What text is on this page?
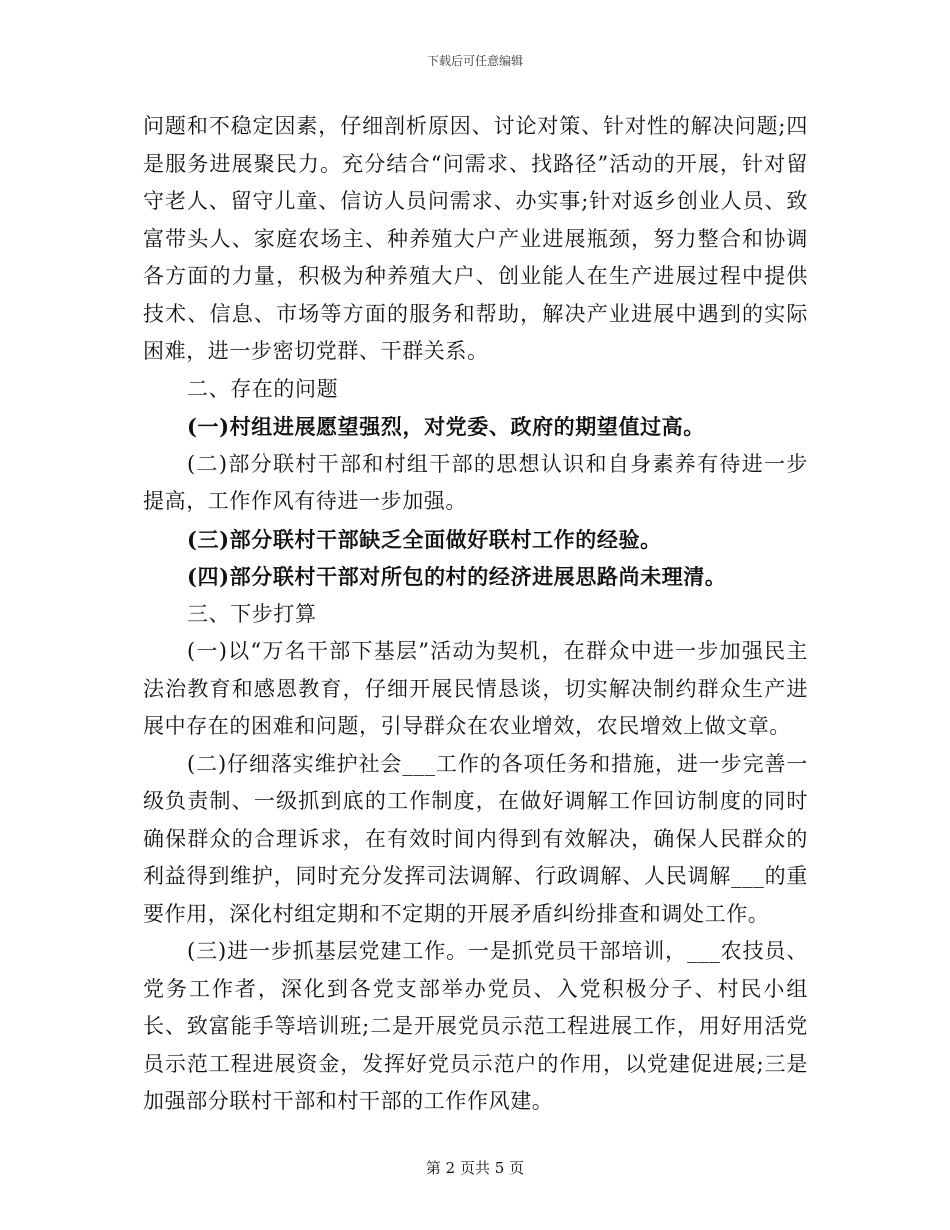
下载后可任意编辑

问题和不稳定因素，仔细剖析原因、讨论对策、针对性的解决问题;四是服务进展聚民力。充分结合“问需求、找路径”活动的开展，针对留守老人、留守儿童、信访人员问需求、办实事;针对返乡创业人员、致富带头人、家庭农场主、种养殖大户产业进展瓶颈，努力整合和协调各方面的力量，积极为种养殖大户、创业能人在生产进展过程中提供技术、信息、市场等方面的服务和帮助，解决产业进展中遇到的实际困难，进一步密切党群、干群关系。

二、存在的问题

(一)村组进展愿望强烈，对党委、政府的期望值过高。

(二)部分联村干部和村组干部的思想认识和自身素养有待进一步提高，工作作风有待进一步加强。

(三)部分联村干部缺乏全面做好联村工作的经验。

(四)部分联村干部对所包的村的经济进展思路尚未理清。

三、下步打算

(一)以“万名干部下基层”活动为契机，在群众中进一步加强民主法治教育和感恩教育，仔细开展民情恳谈，切实解决制约群众生产进展中存在的困难和问题，引导群众在农业增效，农民增效上做文章。

(二)仔细落实维护社会___工作的各项任务和措施，进一步完善一级负责制、一级抓到底的工作制度，在做好调解工作回访制度的同时确保群众的合理诉求，在有效时间内得到有效解决，确保人民群众的利益得到维护，同时充分发挥司法调解、行政调解、人民调解___的重要作用，深化村组定期和不定期的开展矛盾纠纷排查和调处工作。

(三)进一步抓基层党建工作。一是抓党员干部培训，___农技员、党务工作者，深化到各党支部举办党员、入党积极分子、村民小组长、致富能手等培训班;二是开展党员示范工程进展工作，用好用活党员示范工程进展资金，发挥好党员示范户的作用，以党建促进展;三是加强部分联村干部和村干部的工作作风建。

第 2 页共 5 页
